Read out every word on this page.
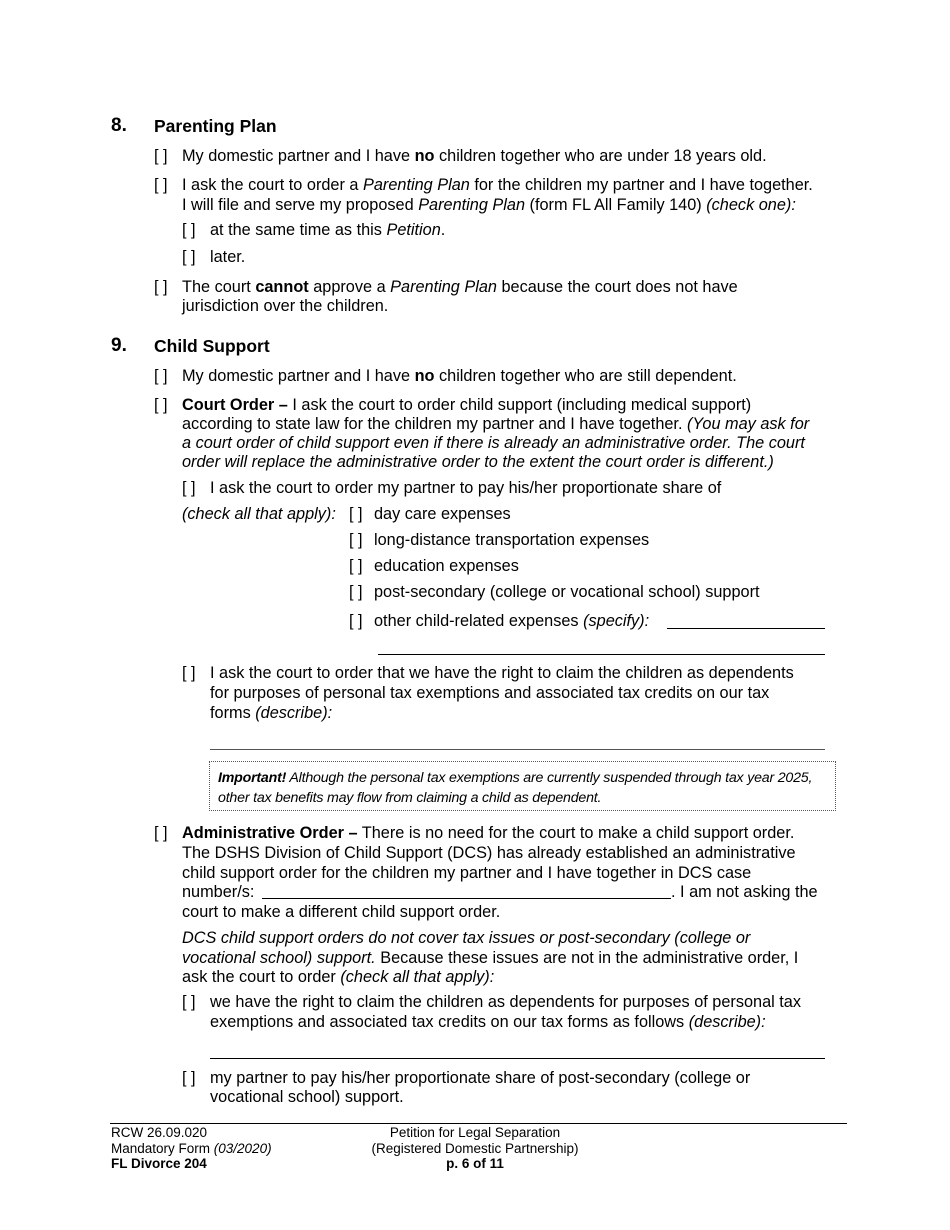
8. Parenting Plan
[ ] My domestic partner and I have no children together who are under 18 years old.
[ ] I ask the court to order a Parenting Plan for the children my partner and I have together.
I will file and serve my proposed Parenting Plan (form FL All Family 140) (check one):
[ ] at the same time as this Petition.
[ ] later.
[ ] The court cannot approve a Parenting Plan because the court does not have
jurisdiction over the children.
9. Child Support
[ ] My domestic partner and I have no children together who are still dependent.
[ ] Court Order – I ask the court to order child support (including medical support)
according to state law for the children my partner and I have together. (You may ask for
a court order of child support even if there is already an administrative order. The court
order will replace the administrative order to the extent the court order is different.)
[ ] I ask the court to order my partner to pay his/her proportionate share of
(check all that apply): [ ] day care expenses
[ ] long-distance transportation expenses
[ ] education expenses
[ ] post-secondary (college or vocational school) support
[ ] other child-related expenses (specify):
[ ] I ask the court to order that we have the right to claim the children as dependents
for purposes of personal tax exemptions and associated tax credits on our tax
forms (describe):
Important! Although the personal tax exemptions are currently suspended through tax year 2025,
other tax benefits may flow from claiming a child as dependent.
[ ] Administrative Order – There is no need for the court to make a child support order.
The DSHS Division of Child Support (DCS) has already established an administrative
child support order for the children my partner and I have together in DCS case
number/s:	. I am not asking the
court to make a different child support order.
DCS child support orders do not cover tax issues or post-secondary (college or
vocational school) support. Because these issues are not in the administrative order, I
ask the court to order (check all that apply):
[ ] we have the right to claim the children as dependents for purposes of personal tax
exemptions and associated tax credits on our tax forms as follows (describe):
[ ] my partner to pay his/her proportionate share of post-secondary (college or
vocational school) support.
RCW 26.09.020
Mandatory Form (03/2020)
FL Divorce 204
Petition for Legal Separation
(Registered Domestic Partnership)
p. 6 of 11
